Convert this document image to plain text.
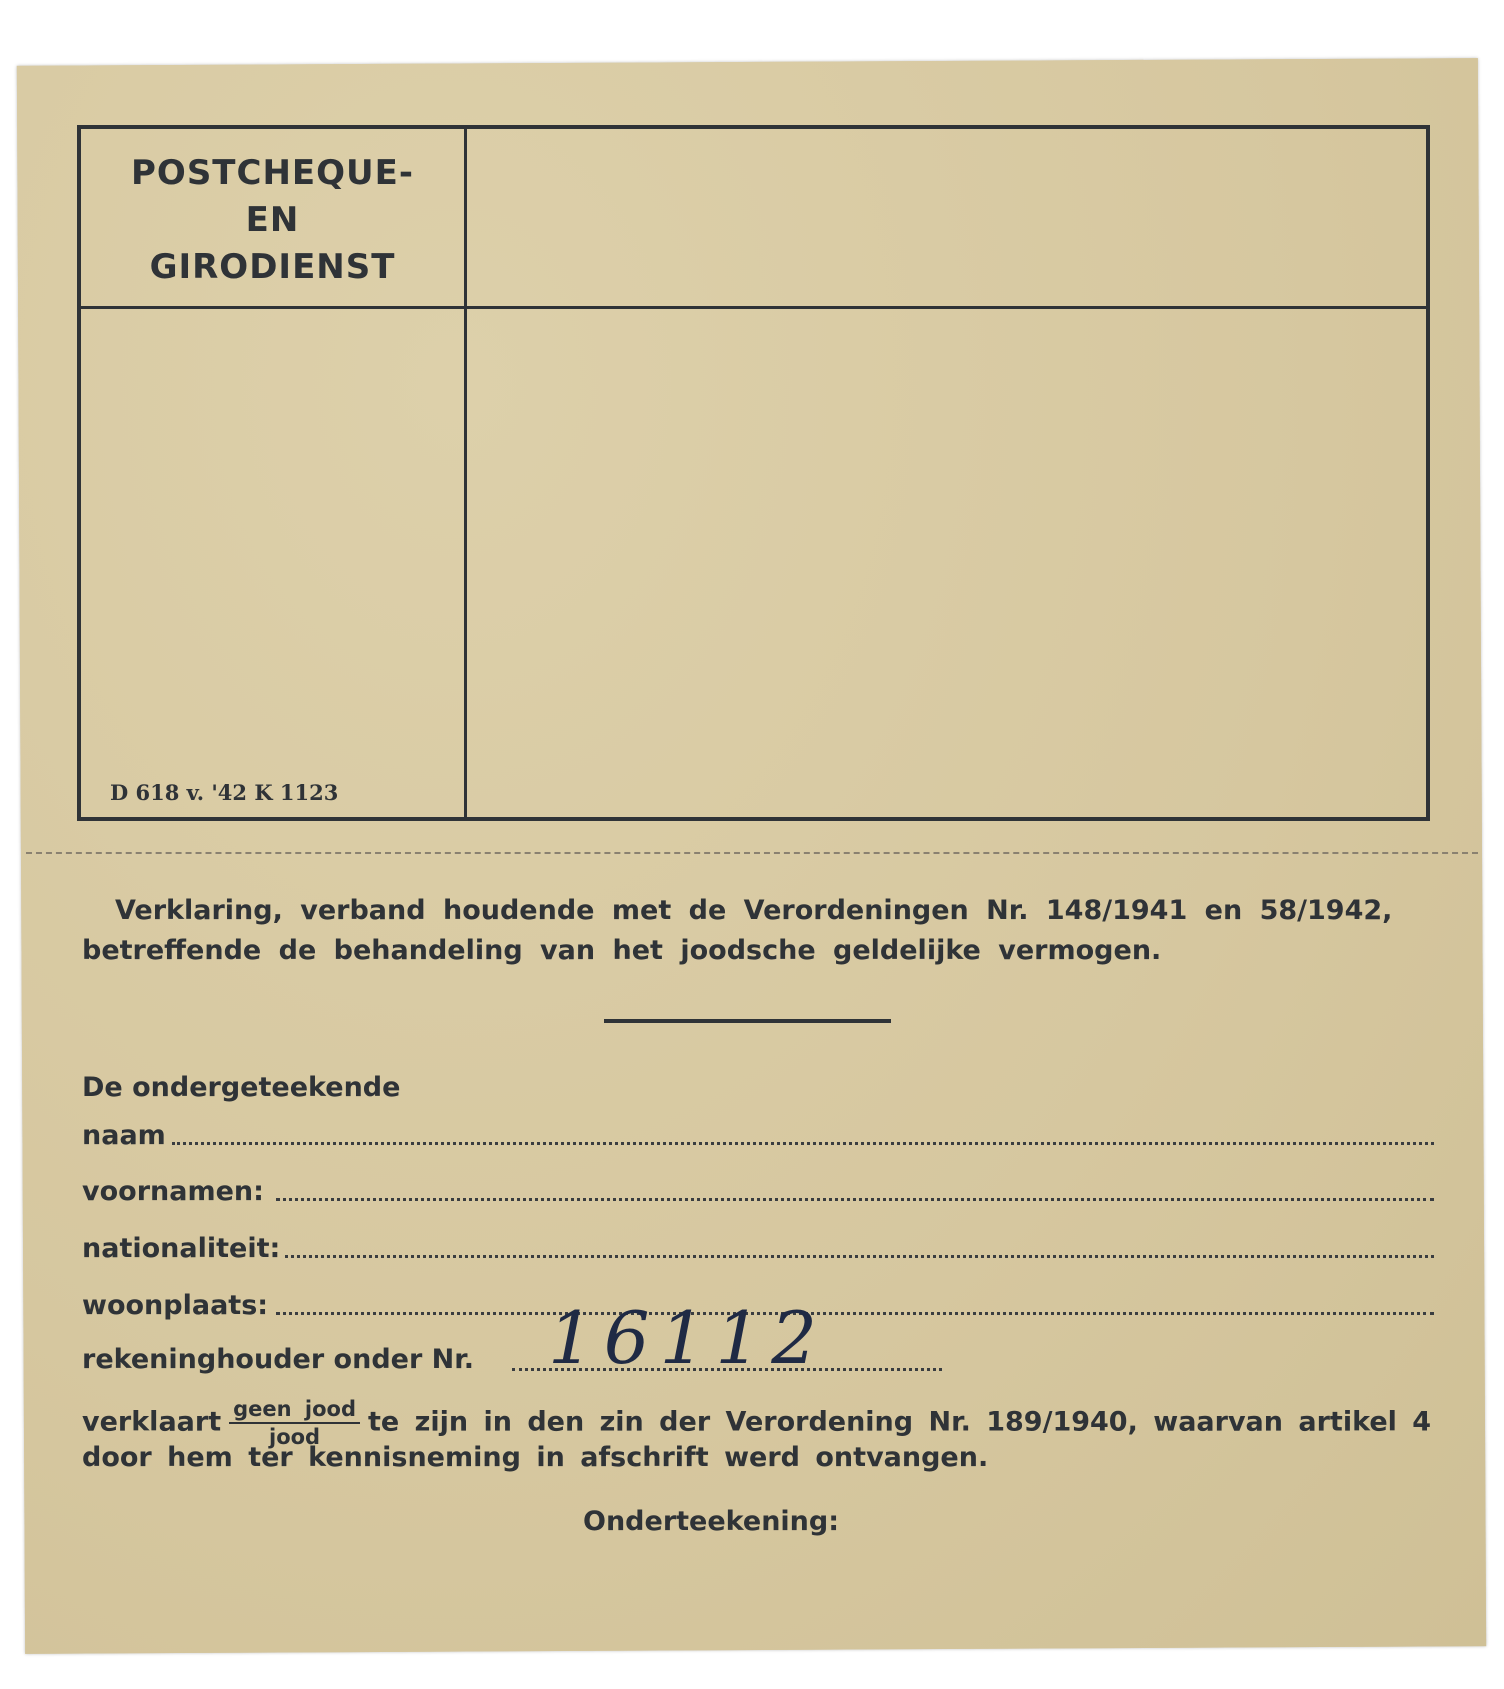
POSTCHEQUE-
EN
GIRODIENST
D 618 v. '42 K 1123
Verklaring, verband houdende met de Verordeningen Nr. 148/1941 en 58/1942,
betreffende de behandeling van het joodsche geldelijke vermogen.
De ondergeteekende
naam
voornamen:
nationaliteit:
woonplaats:
rekeninghouder onder Nr. 16112
verklaart $\frac{\text{geen jood}}{\text{jood}}$ te zijn in den zin der Verordening Nr. 189/1940, waarvan artikel 4
door hem ter kennisneming in afschrift werd ontvangen.
Onderteekening:
